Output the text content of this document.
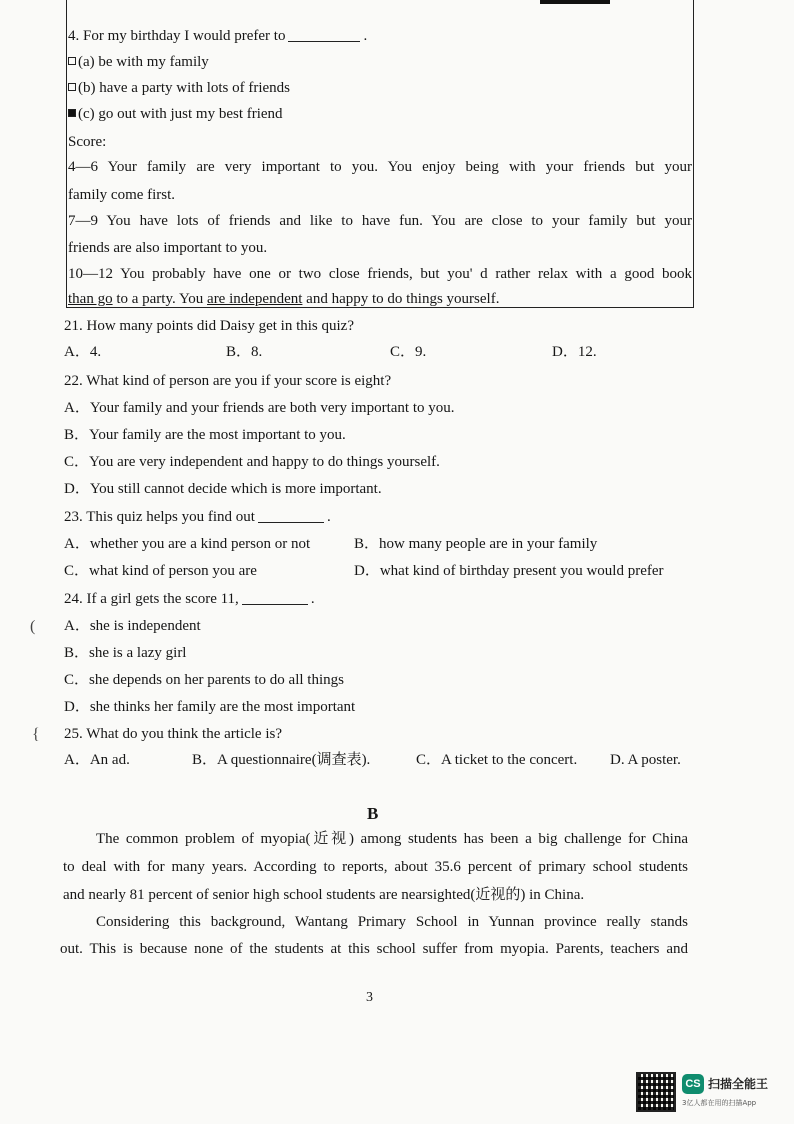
4. For my birthday I would prefer to	.
(a) be with my family
(b) have a party with lots of friends
(c) go out with just my best friend
Score:
4—6 Your family are very important to you. You enjoy being with your friends but your
family come first.
7—9 You have lots of friends and like to have fun. You are close to your family but your
friends are also important to you.
10—12 You probably have one or two close friends, but you' d rather relax with a good book
than go to a party. You are independent and happy to do things yourself.
21. How many points did Daisy get in this quiz?
A．4.	B．8.	C．9.	D．12.
22. What kind of person are you if your score is eight?
A．Your family and your friends are both very important to you.
B．Your family are the most important to you.
C．You are very independent and happy to do things yourself.
D．You still cannot decide which is more important.
23. This quiz helps you find out	.
A．whether you are a kind person or not	B．how many people are in your family
C．what kind of person you are	D．what kind of birthday present you would prefer
24. If a girl gets the score 11,	.
A．she is independent
B．she is a lazy girl
C．she depends on her parents to do all things
D．she thinks her family are the most important
25. What do you think the article is?
A．An ad.	B．A questionnaire(调查表).	C．A ticket to the concert. D. A poster.
(
{
B
The common problem of myopia(近视) among students has been a big challenge for China
to deal with for many years. According to reports, about 35.6 percent of primary school students
and nearly 81 percent of senior high school students are nearsighted(近视的) in China.
Considering this background, Wantang Primary School in Yunnan province really stands
out. This is because none of the students at this school suffer from myopia. Parents, teachers and
3
CS 扫描全能王
3亿人都在用的扫描App
